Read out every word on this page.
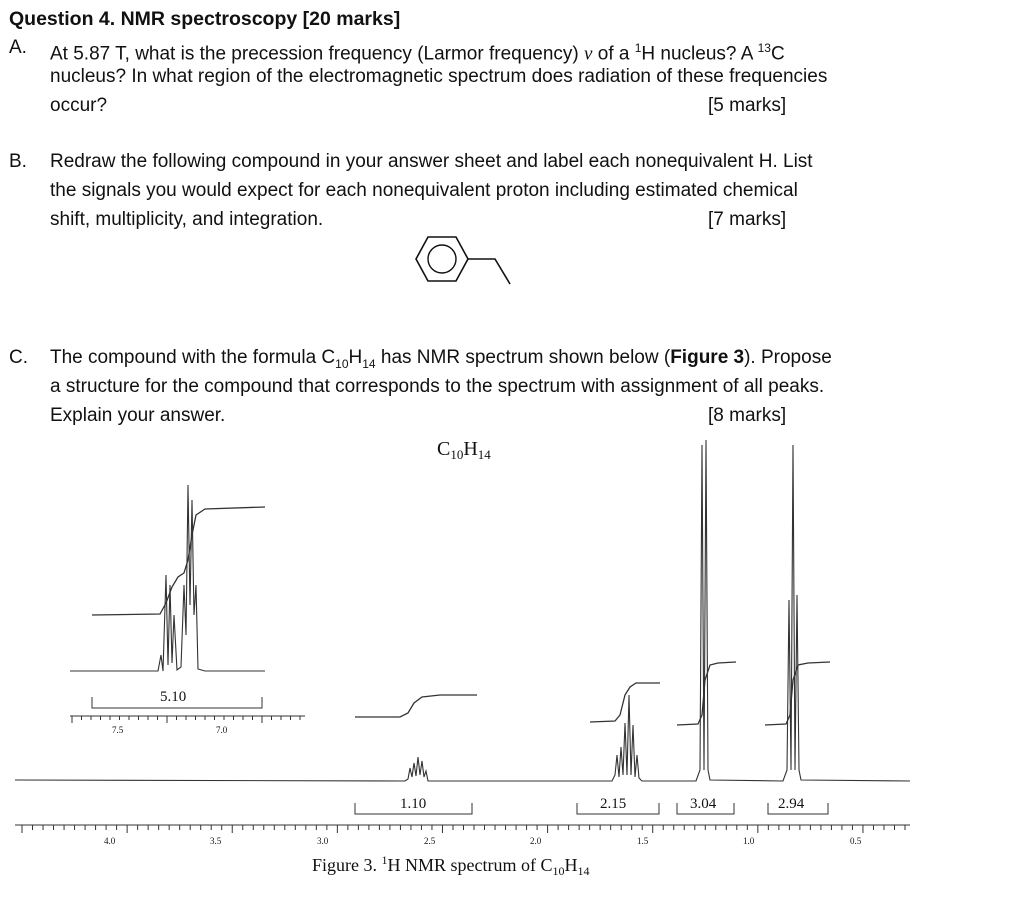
Question 4. NMR spectroscopy [20 marks]
A. At 5.87 T, what is the precession frequency (Larmor frequency) v of a $^1$H nucleus? A $^{13}$C
nucleus? In what region of the electromagnetic spectrum does radiation of these frequencies
occur?	[5 marks]
B. Redraw the following compound in your answer sheet and label each nonequivalent H. List
the signals you would expect for each nonequivalent proton including estimated chemical
shift, multiplicity, and integration.	[7 marks]
C. The compound with the formula $C_{10}H_{14}$ has NMR spectrum shown below (Figure 3). Propose
a structure for the compound that corresponds to the spectrum with assignment of all peaks.
Explain your answer.	[8 marks]
$C_{10}H_{14}$
5.10
7.5	7.0
1.10	2.15	3.04	2.94
4.0	3.5	3.0	2.5	2.0	1.5	1.0	0.5
Figure 3. $^1$H NMR spectrum of $C_{10}H_{14}$
